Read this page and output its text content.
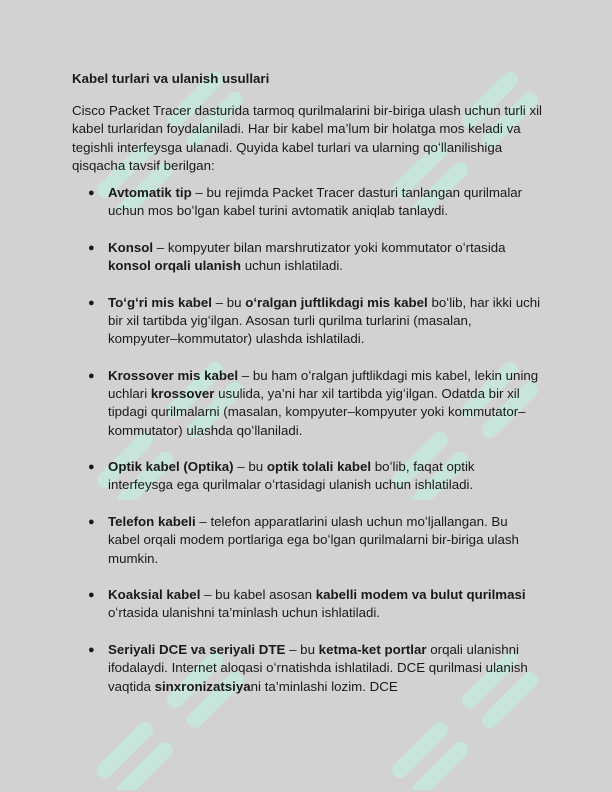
Kabel turlari va ulanish usullari

Cisco Packet Tracer dasturida tarmoq qurilmalarini bir-biriga ulash uchun turli xil kabel turlaridan foydalaniladi. Har bir kabel ma’lum bir holatga mos keladi va tegishli interfeysga ulanadi. Quyida kabel turlari va ularning qoʻllanilishiga qisqacha tavsif berilgan:

● Avtomatik tip – bu rejimda Packet Tracer dasturi tanlangan qurilmalar uchun mos boʻlgan kabel turini avtomatik aniqlab tanlaydi.
● Konsol – kompyuter bilan marshrutizator yoki kommutator oʻrtasida konsol orqali ulanish uchun ishlatiladi.
● Toʻgʻri mis kabel – bu oʻralgan juftlikdagi mis kabel boʻlib, har ikki uchi bir xil tartibda yigʻilgan. Asosan turli qurilma turlarini (masalan, kompyuter–kommutator) ulashda ishlatiladi.
● Krossover mis kabel – bu ham oʻralgan juftlikdagi mis kabel, lekin uning uchlari krossover usulida, ya’ni har xil tartibda yigʻilgan. Odatda bir xil tipdagi qurilmalarni (masalan, kompyuter–kompyuter yoki kommutator–kommutator) ulashda qoʻllaniladi.
● Optik kabel (Optika) – bu optik tolali kabel boʻlib, faqat optik interfeysga ega qurilmalar oʻrtasidagi ulanish uchun ishlatiladi.
● Telefon kabeli – telefon apparatlarini ulash uchun moʻljallangan. Bu kabel orqali modem portlariga ega boʻlgan qurilmalarni bir-biriga ulash mumkin.
● Koaksial kabel – bu kabel asosan kabelli modem va bulut qurilmasi oʻrtasida ulanishni ta’minlash uchun ishlatiladi.
● Seriyali DCE va seriyali DTE – bu ketma-ket portlar orqali ulanishni ifodalaydi. Internet aloqasi oʻrnatishda ishlatiladi. DCE qurilmasi ulanish vaqtida sinxronizatsiyani ta’minlashi lozim. DCE
